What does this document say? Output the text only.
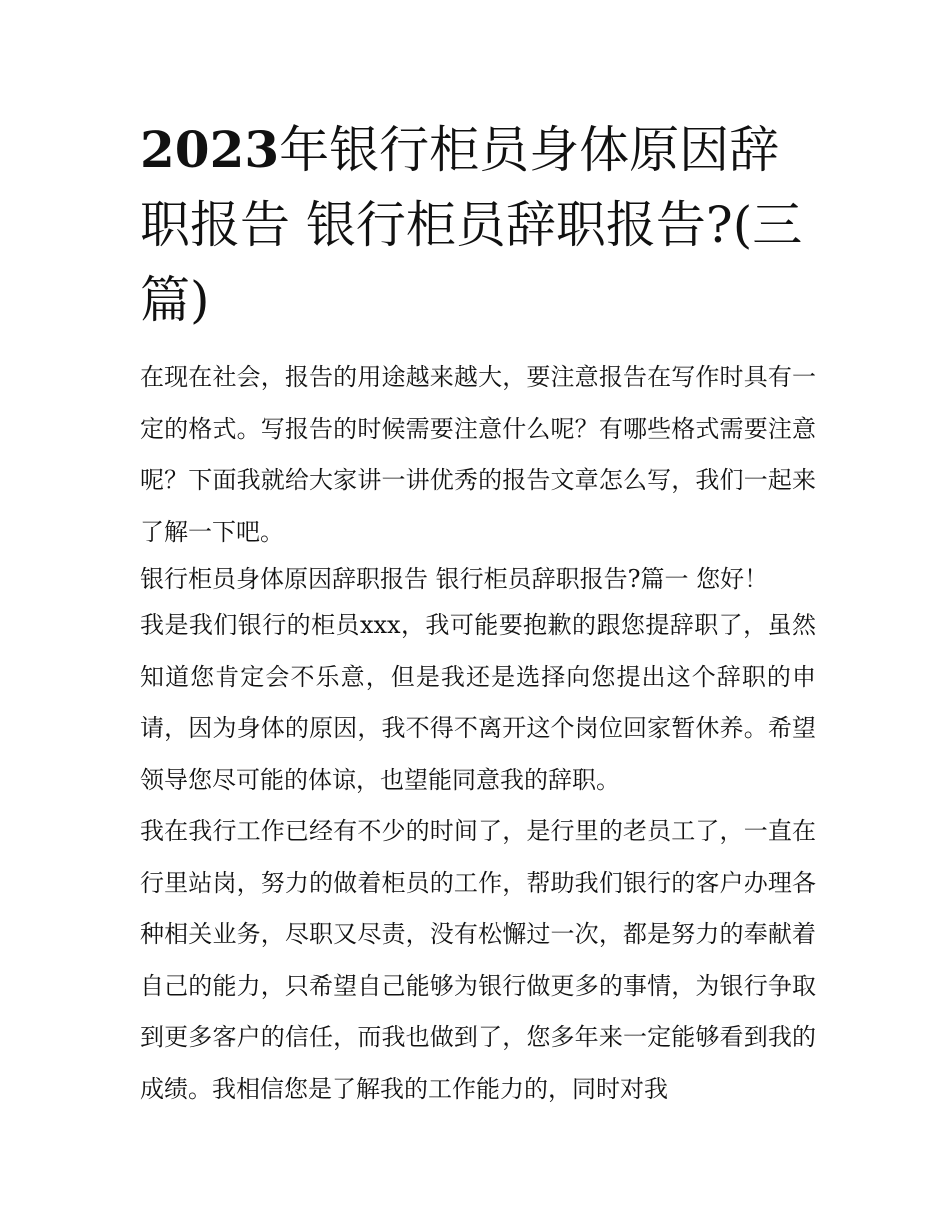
2023年银行柜员身体原因辞职报告 银行柜员辞职报告?(三篇)

在现在社会，报告的用途越来越大，要注意报告在写作时具有一定的格式。写报告的时候需要注意什么呢？有哪些格式需要注意呢？下面我就给大家讲一讲优秀的报告文章怎么写，我们一起来了解一下吧。

银行柜员身体原因辞职报告 银行柜员辞职报告?篇一 您好！

我是我们银行的柜员xxx，我可能要抱歉的跟您提辞职了，虽然知道您肯定会不乐意，但是我还是选择向您提出这个辞职的申请，因为身体的原因，我不得不离开这个岗位回家暂休养。希望领导您尽可能的体谅，也望能同意我的辞职。

我在我行工作已经有不少的时间了，是行里的老员工了，一直在行里站岗，努力的做着柜员的工作，帮助我们银行的客户办理各种相关业务，尽职又尽责，没有松懈过一次，都是努力的奉献着自己的能力，只希望自己能够为银行做更多的事情，为银行争取到更多客户的信任，而我也做到了，您多年来一定能够看到我的成绩。我相信您是了解我的工作能力的，同时对我
